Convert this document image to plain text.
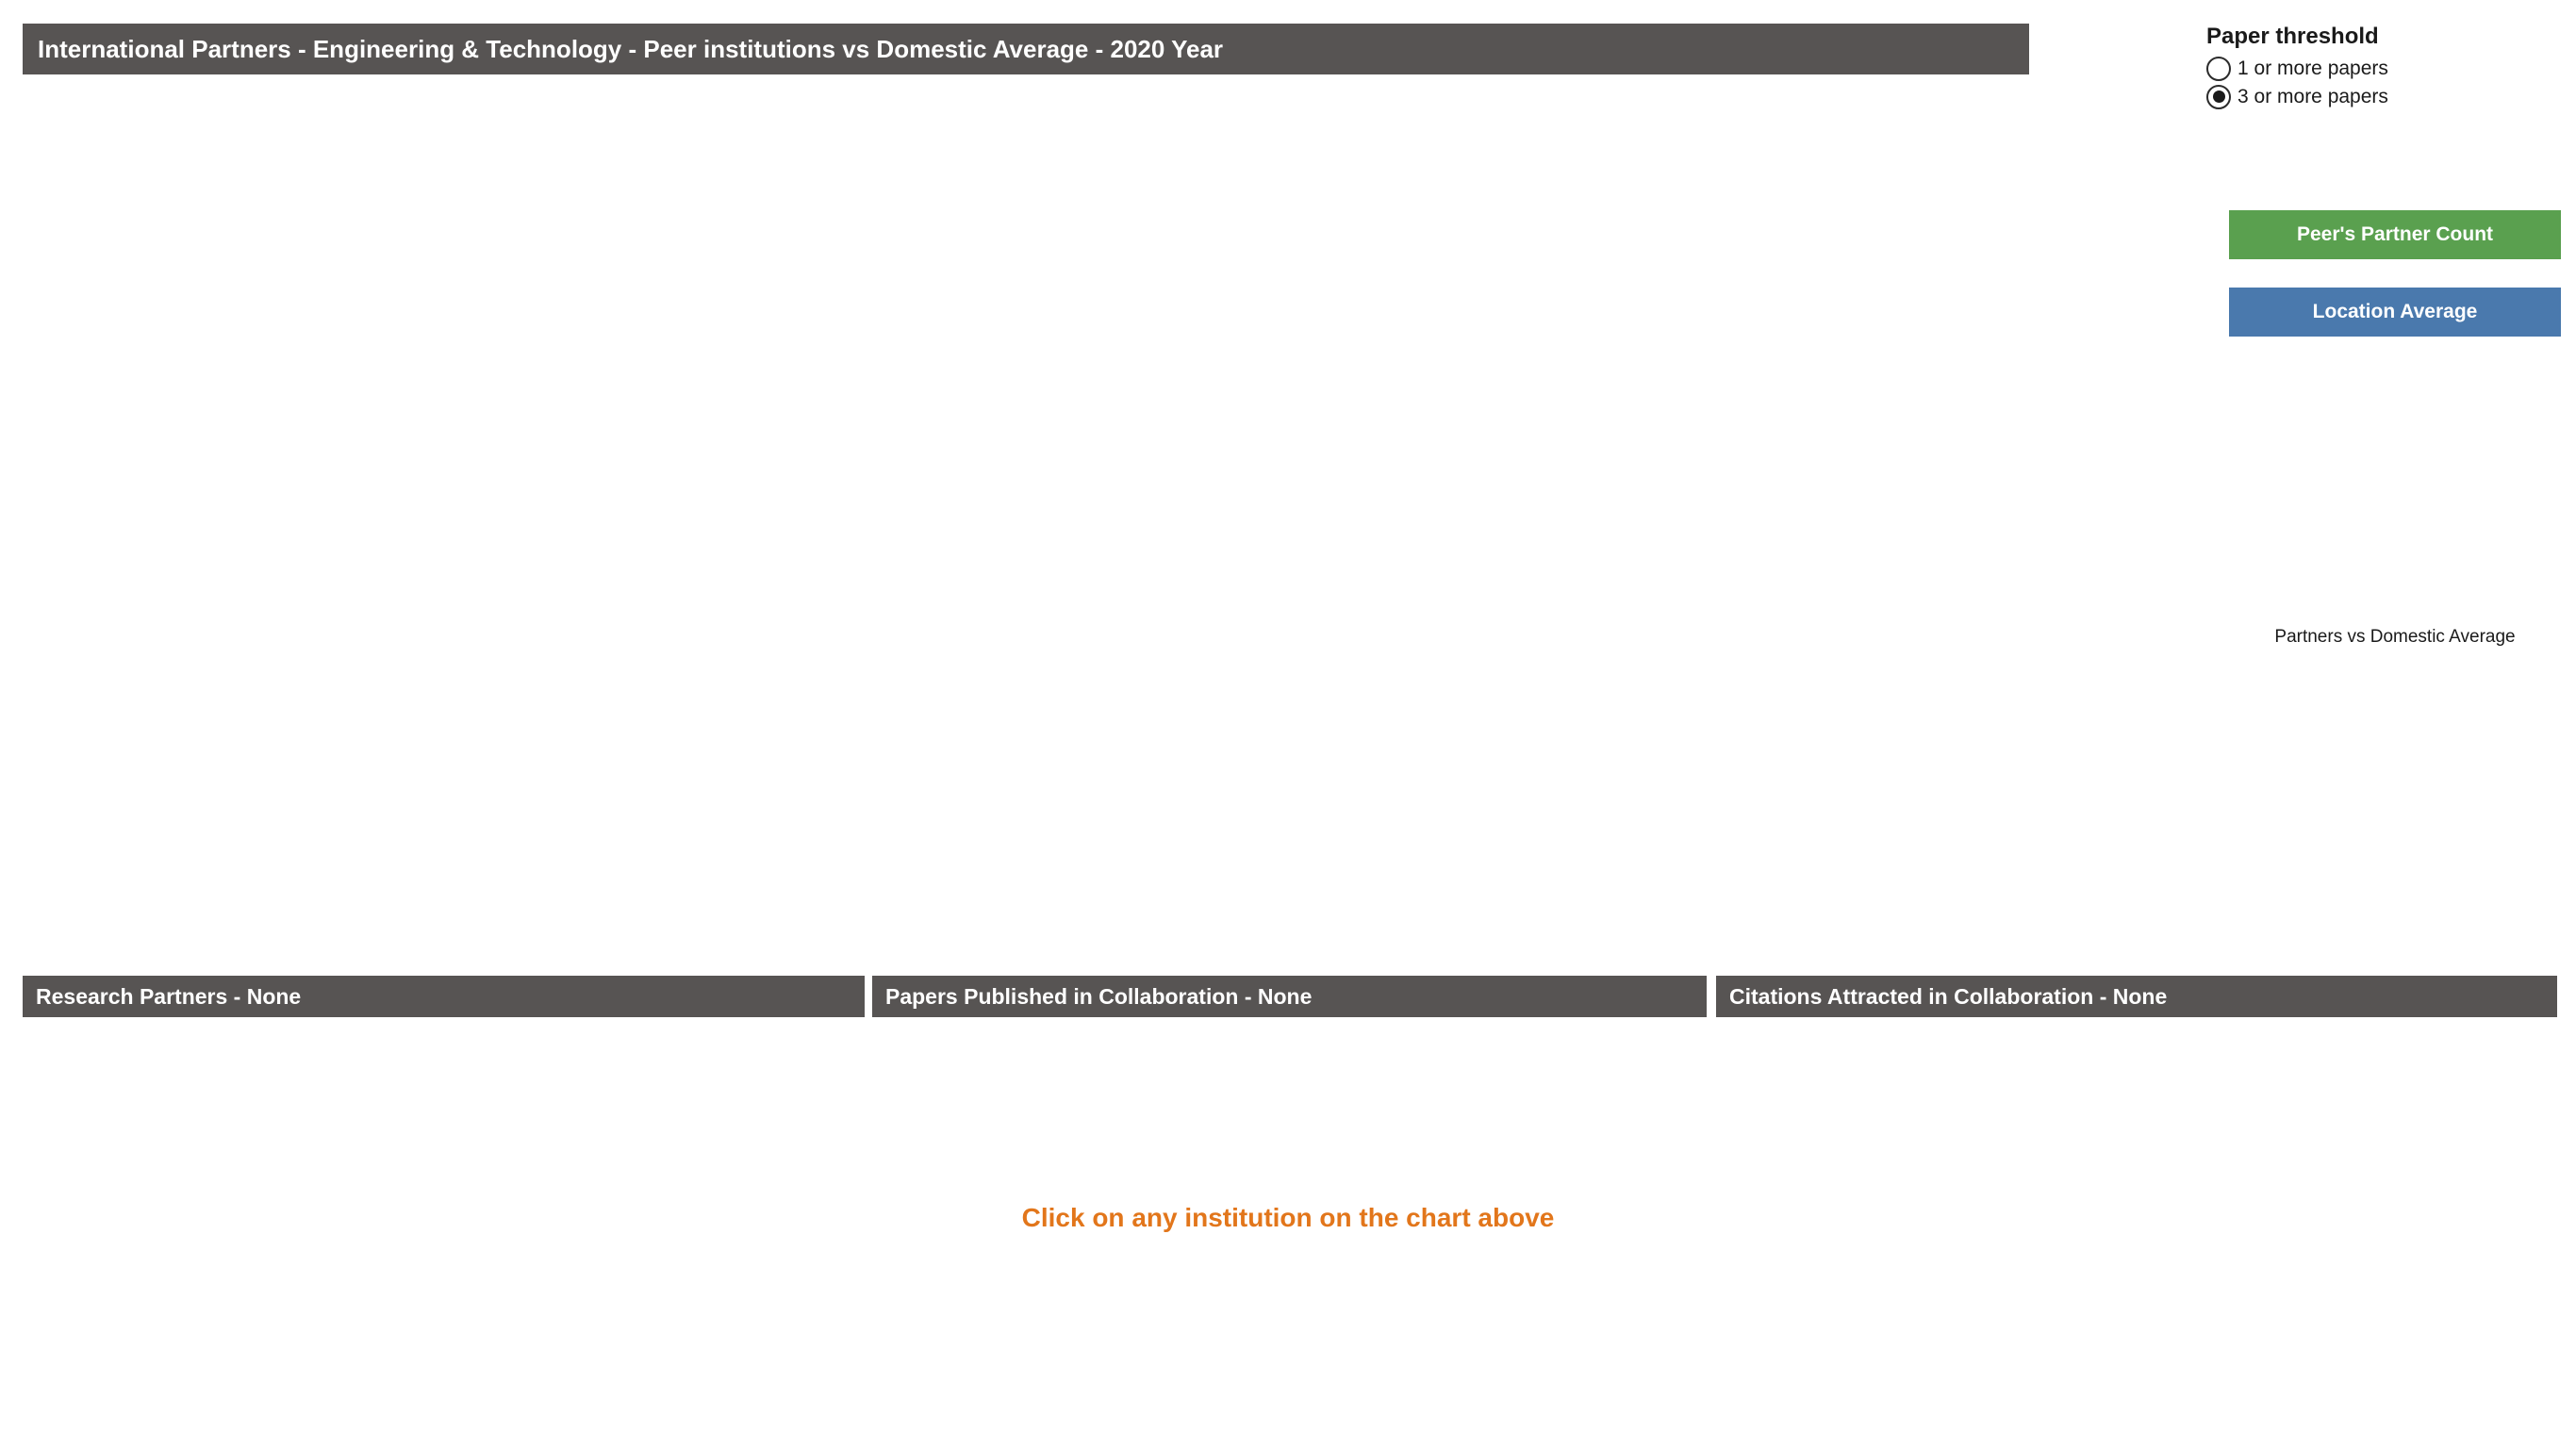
International Partners - Engineering & Technology - Peer institutions vs Domestic Average - 2020 Year	Paper threshold
1 or more papers
3 or more papers
Peer's Partner Count
Location Average
Partners vs Domestic Average
Research Partners - None	Papers Published in Collaboration - None	Citations Attracted in Collaboration - None
Click on any institution on the chart above
